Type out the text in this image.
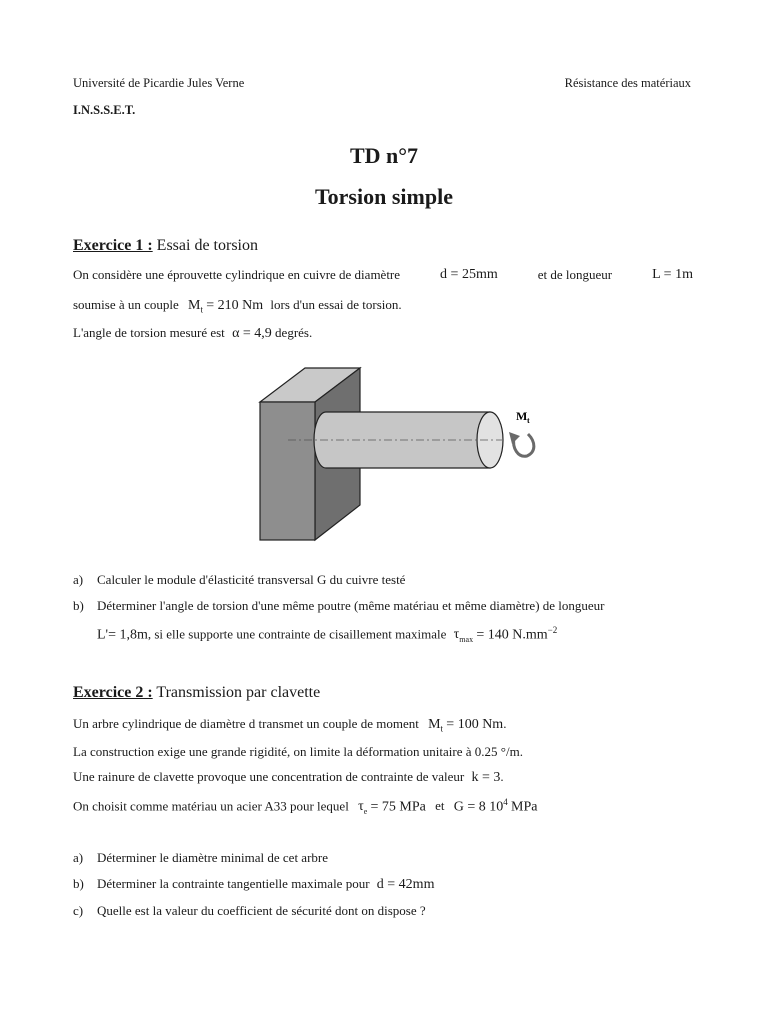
Université de Picardie Jules Verne
I.N.S.S.E.T.
Résistance des matériaux
TD n°7
Torsion simple
Exercice 1 : Essai de torsion
On considère une éprouvette cylindrique en cuivre de diamètre	d = 25mm	et de longueur	L = 1m
soumise à un couple $M_t = 210$ Nm lors d'un essai de torsion.
L'angle de torsion mesuré est α = 4,9 degrés.
M t
a) Calculer le module d'élasticité transversal G du cuivre testé
b) Déterminer l'angle de torsion d'une même poutre (même matériau et même diamètre) de longueur
L'= 1,8m, si elle supporte une contrainte de cisaillement maximale $\tau_{max} = 140$ $N.mm^{-2}$
Exercice 2 : Transmission par clavette
Un arbre cylindrique de diamètre d transmet un couple de moment $M_t = 100$ Nm.
La construction exige une grande rigidité, on limite la déformation unitaire à 0.25 °/m.
Une rainure de clavette provoque une concentration de contrainte de valeur k = 3.
On choisit comme matériau un acier A33 pour lequel $\tau_e = 75$ MPa et G = 8 $10^4$ MPa
a) Déterminer le diamètre minimal de cet arbre
b) Déterminer la contrainte tangentielle maximale pour d = 42mm
c) Quelle est la valeur du coefficient de sécurité dont on dispose ?
